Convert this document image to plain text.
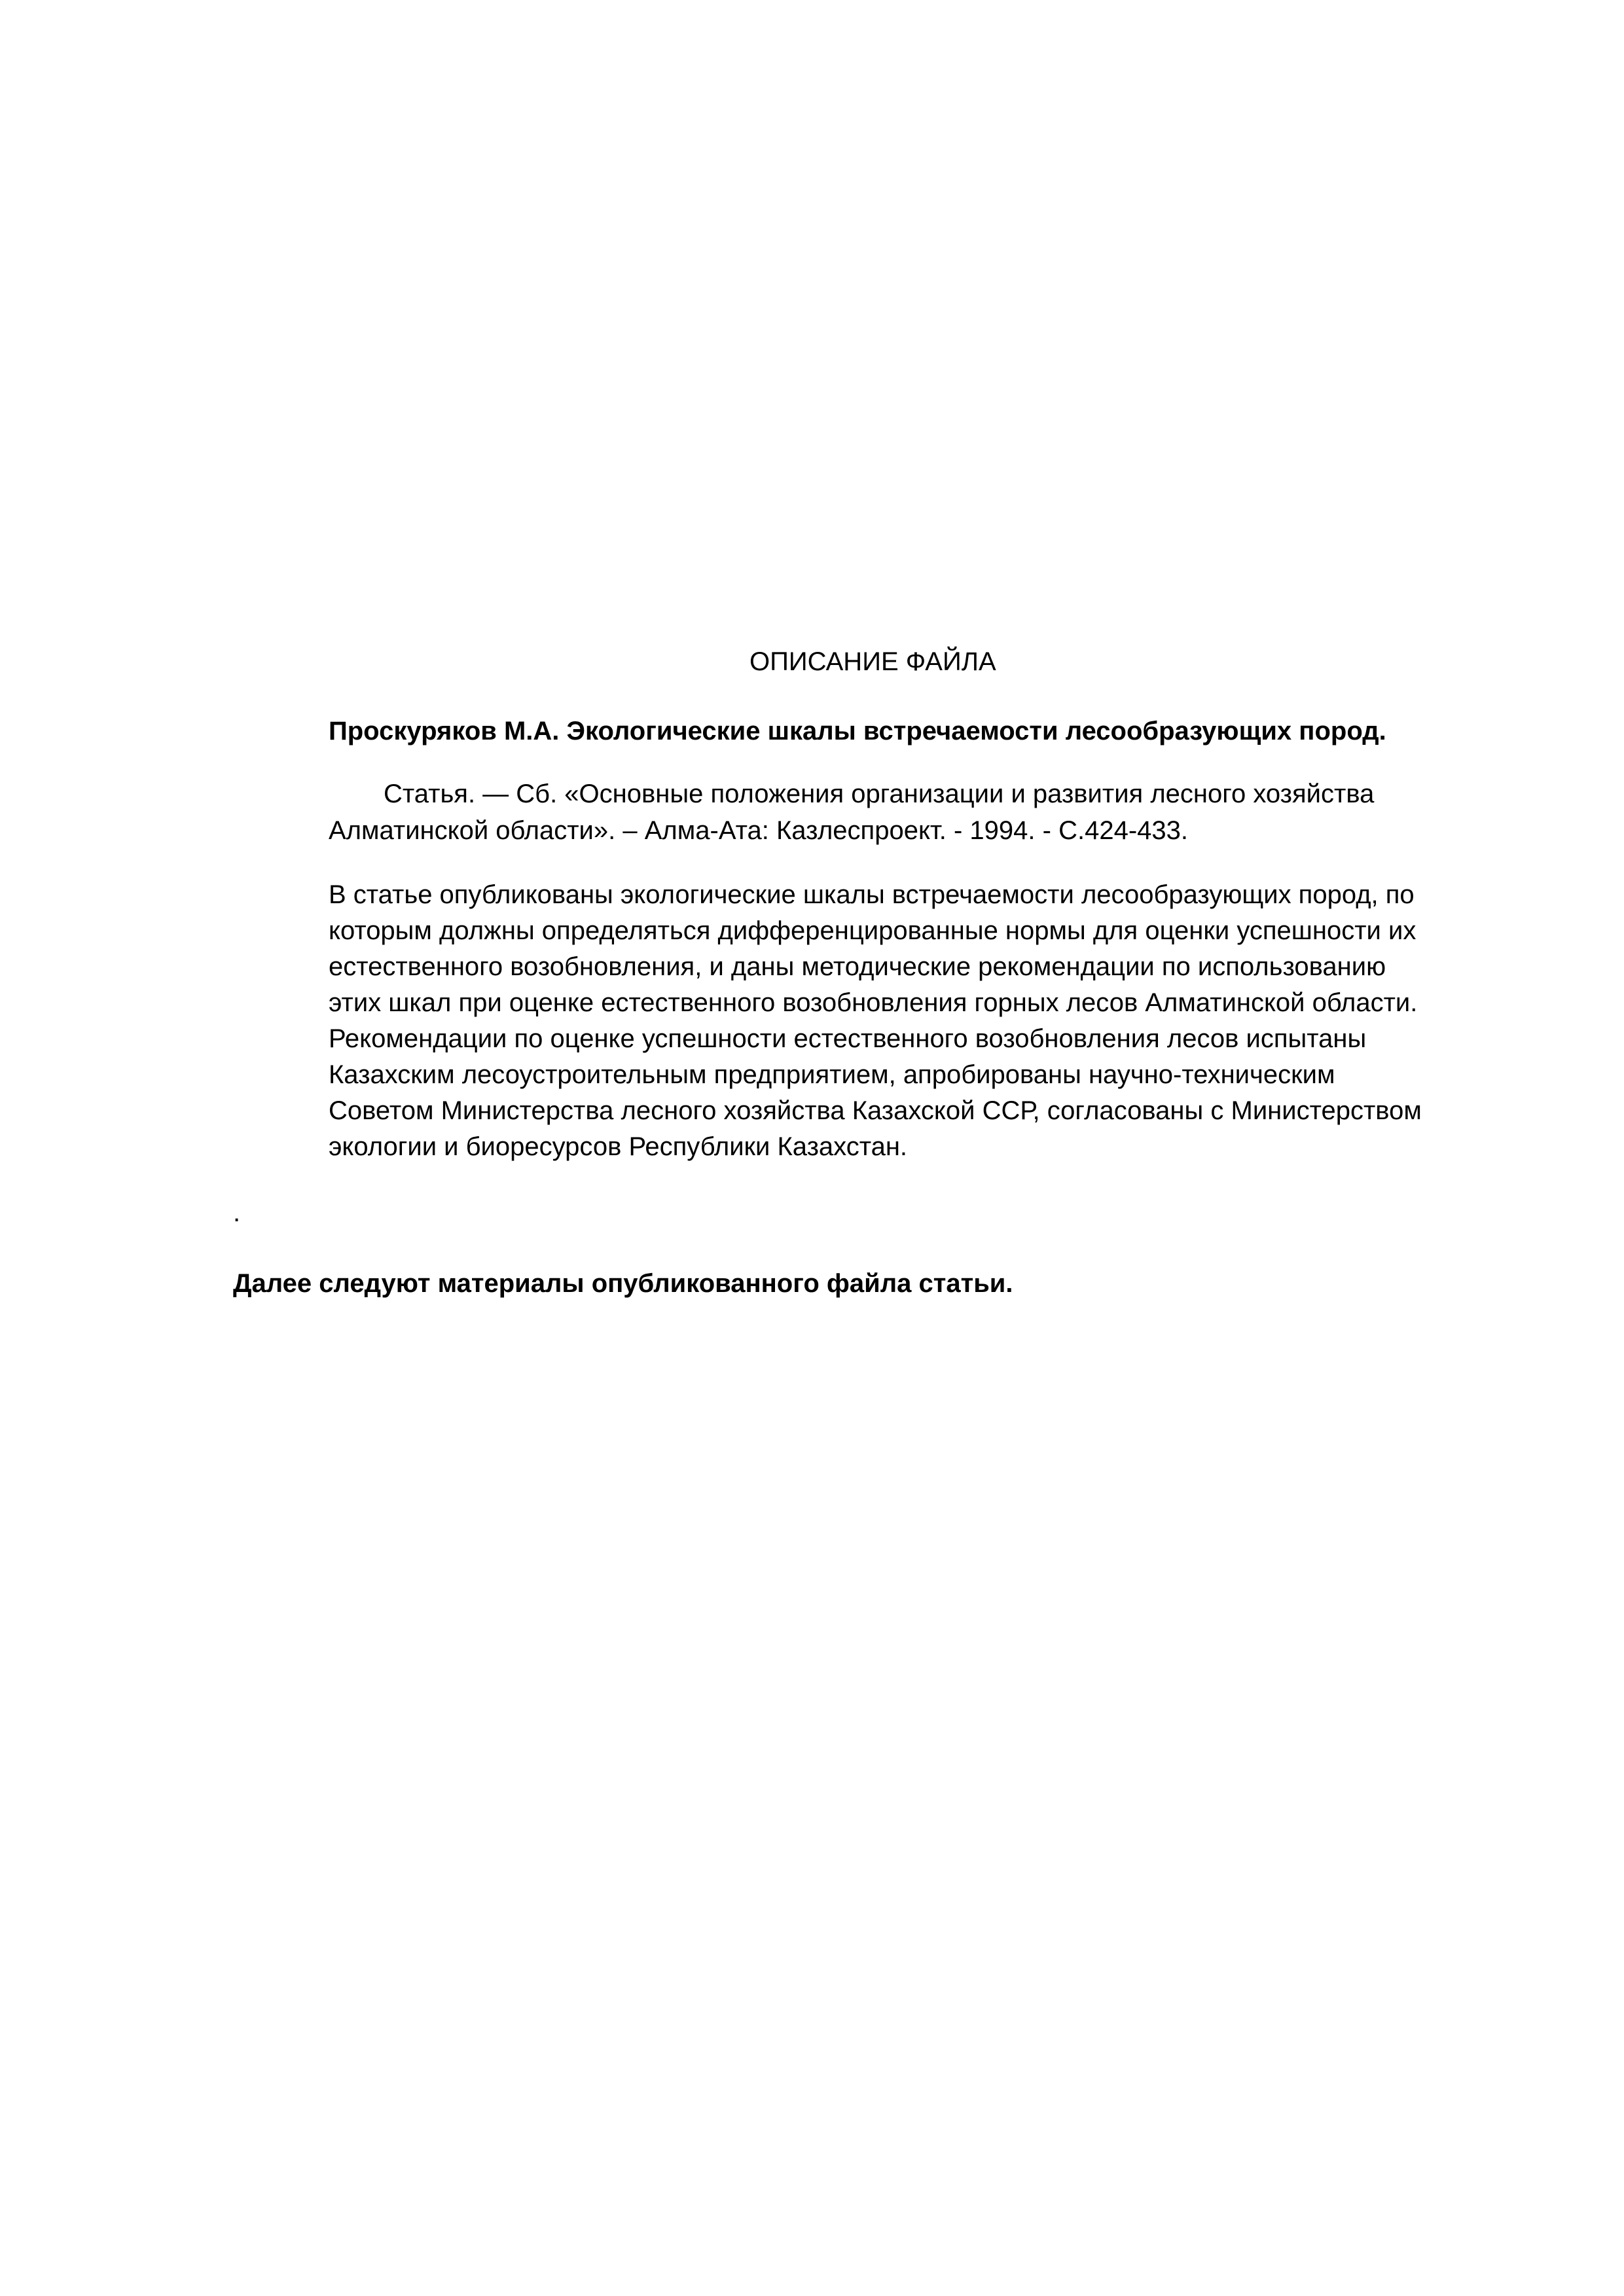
ОПИСАНИЕ ФАЙЛА
Проскуряков М.А. Экологические шкалы встречаемости лесообразующих пород.
Статья. — Сб. «Основные положения организации и развития лесного хозяйства
Алматинской области». – Алма-Ата: Казлеспроект. - 1994. - С.424-433.
В статье опубликованы экологические шкалы встречаемости лесообразующих пород, по
которым должны определяться дифференцированные нормы для оценки успешности их
естественного возобновления, и даны методические рекомендации по использованию
этих шкал при оценке естественного возобновления горных лесов Алматинской области.
Рекомендации по оценке успешности естественного возобновления лесов испытаны
Казахским лесоустроительным предприятием, апробированы научно-техническим
Советом Министерства лесного хозяйства Казахской ССР, согласованы с Министерством
экологии и биоресурсов Республики Казахстан.
.
Далее следуют материалы опубликованного файла статьи.
